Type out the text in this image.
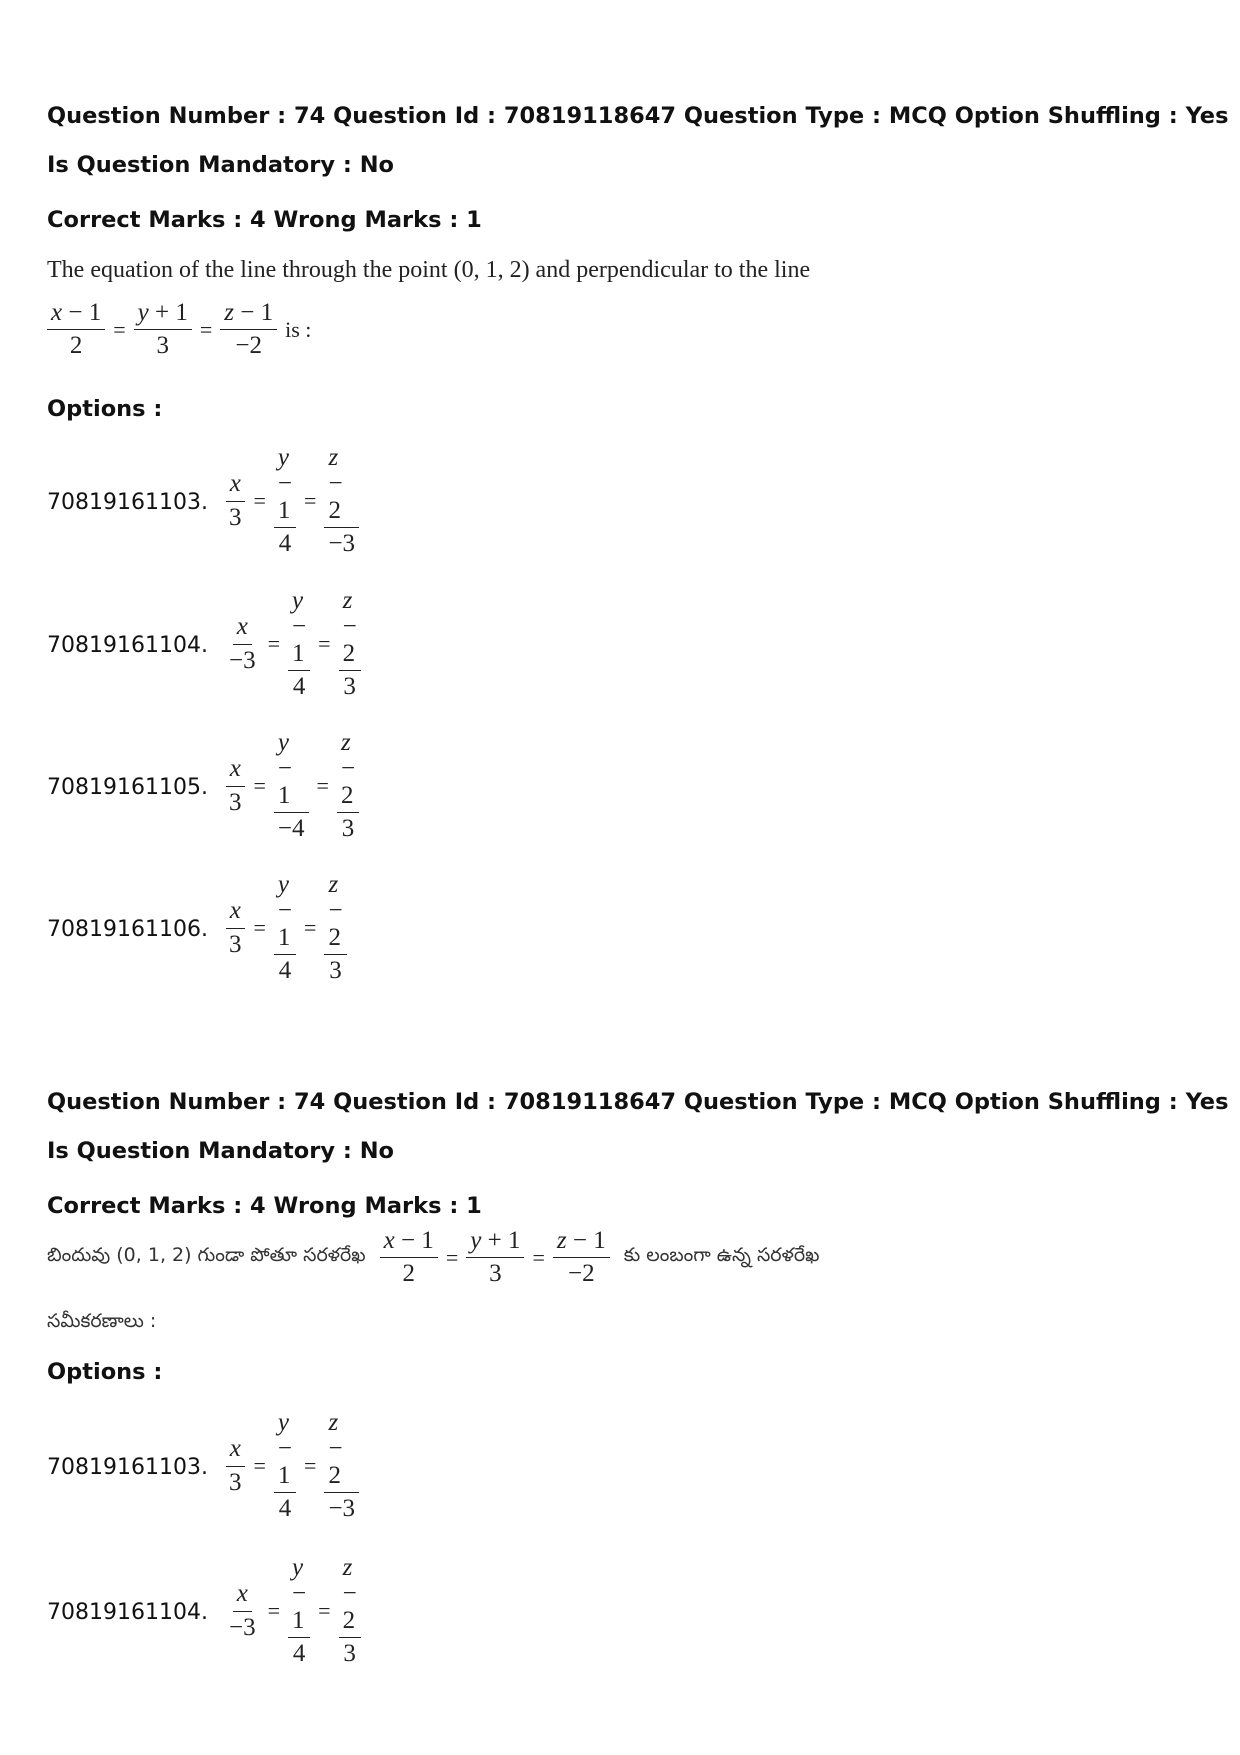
Question Number : 74 Question Id : 70819118647 Question Type : MCQ Option Shuffling : Yes
Is Question Mandatory : No
Correct Marks : 4 Wrong Marks : 1
The equation of the line through the point (0, 1, 2) and perpendicular to the line
$\frac{x - 1}{2} = \frac{y + 1}{3} = \frac{z - 1}{-2}$ is :
Options :
70819161103. $\frac{x}{3} = \frac{y - 1}{4} = \frac{z - 2}{-3}$
70819161104. $\frac{x}{-3} = \frac{y - 1}{4} = \frac{z - 2}{3}$
70819161105. $\frac{x}{3} = \frac{y - 1}{-4} = \frac{z - 2}{3}$
70819161106. $\frac{x}{3} = \frac{y - 1}{4} = \frac{z - 2}{3}$
Question Number : 74 Question Id : 70819118647 Question Type : MCQ Option Shuffling : Yes
Is Question Mandatory : No
Correct Marks : 4 Wrong Marks : 1
బిందువు (0, 1, 2) గుండా పోతూ సరళరేఖ $\frac{x - 1}{2} = \frac{y + 1}{3} = \frac{z - 1}{-2}$ కు లంబంగా ఉన్న సరళరేఖ
సమీకరణాలు :
Options :
70819161103. $\frac{x}{3} = \frac{y - 1}{4} = \frac{z - 2}{-3}$
70819161104. $\frac{x}{-3} = \frac{y - 1}{4} = \frac{z - 2}{3}$
